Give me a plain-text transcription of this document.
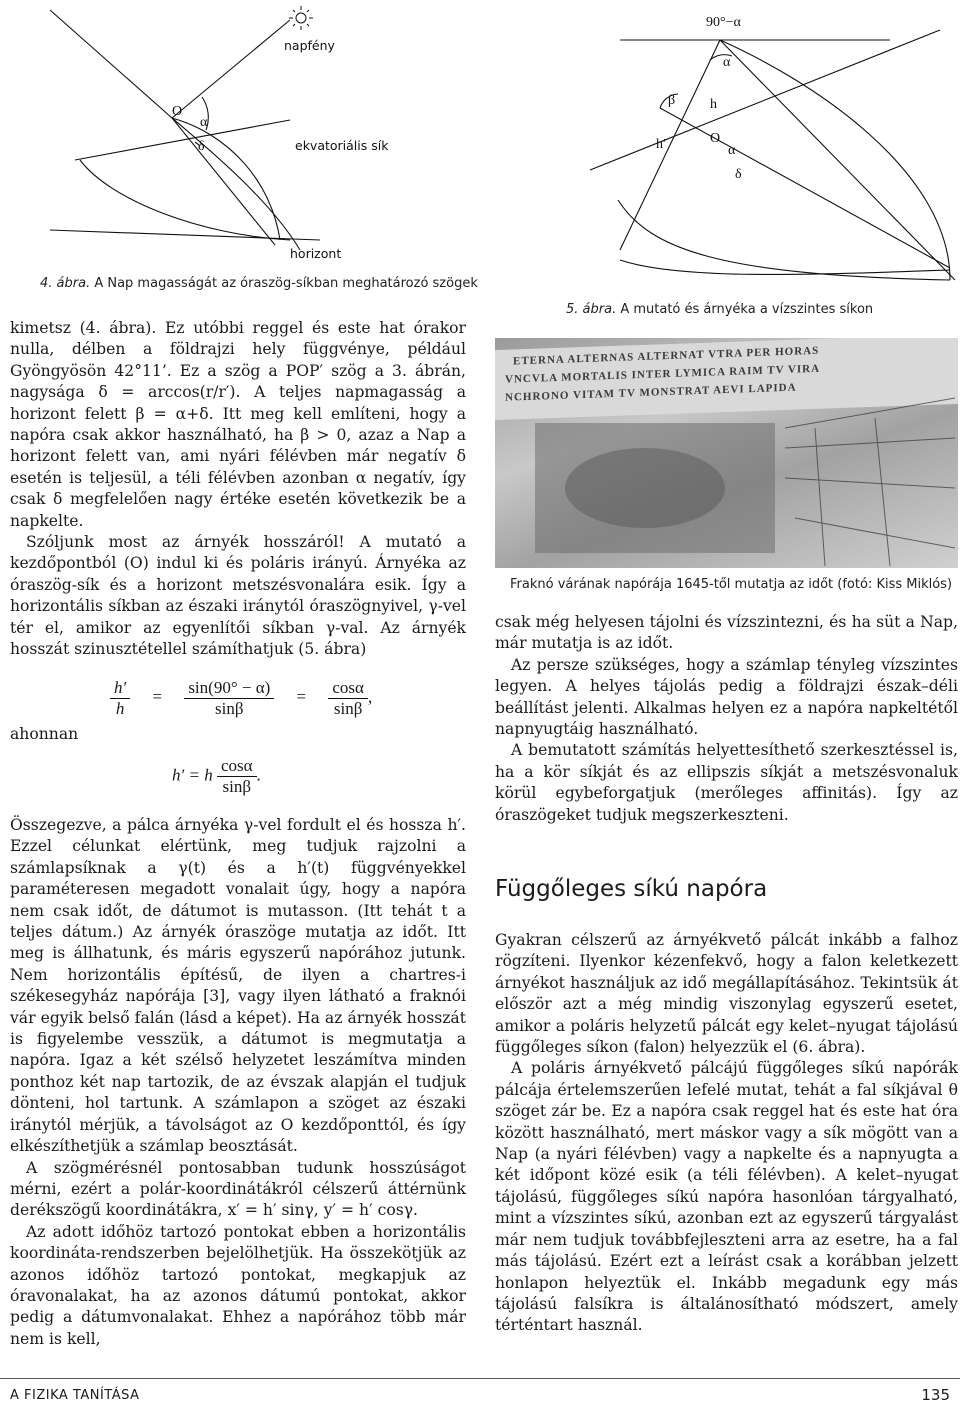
napfény
ekvatoriális sík
horizont
O
α
δ
4. ábra. A Nap magasságát az óraszög-síkban meghatározó szögek
90°−α
α
β h
h′	O
α
δ
5. ábra. A mutató és árnyéka a vízszintes síkon
ETERNA ALTERNAS ALTERNAT VTRA PER HORAS
VNCVLA MORTALIS INTER LYMICA RAIM TV VIRA
NCHRONO VITAM TV MONSTRAT AEVI LAPIDA
Fraknó várának napórája 1645-től mutatja az időt (fotó: Kiss Miklós)

kimetsz (4. ábra). Ez utóbbi reggel és este hat órakor nulla, délben a földrajzi hely függvénye, például Gyöngyösön 42°11’. Ez a szög a POP′ szög a 3. ábrán, nagysága δ = arccos(r/r′). A teljes napmagasság a horizont felett β = α+δ. Itt meg kell említeni, hogy a napóra csak akkor használható, ha β > 0, azaz a Nap a horizont felett van, ami nyári félévben már negatív δ esetén is teljesül, a téli félévben azonban α negatív, így csak δ megfelelően nagy értéke esetén következik be a napkelte.

Szóljunk most az árnyék hosszáról! A mutató a kezdőpontból (O) indul ki és poláris irányú. Árnyéka az óraszög-sík és a horizont metszésvonalára esik. Így a horizontális síkban az északi iránytól óraszögnyivel, γ-vel tér el, amikor az egyenlítői síkban γ-val. Az árnyék hosszát szinusztétellel számíthatjuk (5. ábra)

$\frac{h'}{h} = \frac{\sin(90^\circ - \alpha)}{\sin\beta} = \frac{\cos\alpha}{\sin\beta}$ ,
ahonnan
h′ = h $\frac{\cos\alpha}{\sin\beta}$ .

Összegezve, a pálca árnyéka γ-vel fordult el és hossza h′. Ezzel célunkat elértünk, meg tudjuk rajzolni a számlapsíknak a γ(t) és a h′(t) függvényekkel paraméteresen megadott vonalait úgy, hogy a napóra nem csak időt, de dátumot is mutasson. (Itt tehát t a teljes dátum.) Az árnyék óraszöge mutatja az időt. Itt meg is állhatunk, és máris egyszerű napórához jutunk. Nem horizontális építésű, de ilyen a chartres-i székesegyház napórája [3], vagy ilyen látható a fraknói vár egyik belső falán (lásd a képet). Ha az árnyék hosszát is figyelembe vesszük, a dátumot is megmutatja a napóra. Igaz a két szélső helyzetet leszámítva minden ponthoz két nap tartozik, de az évszak alapján el tudjuk dönteni, hol tartunk. A számlapon a szöget az északi iránytól mérjük, a távolságot az O kezdőponttól, és így elkészíthetjük a számlap beosztását.

A szögmérésnél pontosabban tudunk hosszúságot mérni, ezért a polár-koordinátákról célszerű áttérnünk derékszögű koordinátákra, x′ = h′ sinγ, y′ = h′ cosγ.

Az adott időhöz tartozó pontokat ebben a horizontális koordináta-rendszerben bejelölhetjük. Ha összekötjük az azonos időhöz tartozó pontokat, megkapjuk az óravonalakat, ha az azonos dátumú pontokat, akkor pedig a dátumvonalakat. Ehhez a napórához több már nem is kell,

csak még helyesen tájolni és vízszintezni, és ha süt a Nap, már mutatja is az időt.

Az persze szükséges, hogy a számlap tényleg vízszintes legyen. A helyes tájolás pedig a földrajzi észak–déli beállítást jelenti. Alkalmas helyen ez a napóra napkeltétől napnyugtáig használható.

A bemutatott számítás helyettesíthető szerkesztéssel is, ha a kör síkját és az ellipszis síkját a metszésvonaluk körül egybeforgatjuk (merőleges affinitás). Így az óraszögeket tudjuk megszerkeszteni.

Függőleges síkú napóra

Gyakran célszerű az árnyékvető pálcát inkább a falhoz rögzíteni. Ilyenkor kézenfekvő, hogy a falon keletkezett árnyékot használjuk az idő megállapításához. Tekintsük át először azt a még mindig viszonylag egyszerű esetet, amikor a poláris helyzetű pálcát egy kelet–nyugat tájolású függőleges síkon (falon) helyezzük el (6. ábra).

A poláris árnyékvető pálcájú függőleges síkú napórák pálcája értelemszerűen lefelé mutat, tehát a fal síkjával θ szöget zár be. Ez a napóra csak reggel hat és este hat óra között használható, mert máskor vagy a sík mögött van a Nap (a nyári félévben) vagy a napkelte és a napnyugta a két időpont közé esik (a téli félévben). A kelet–nyugat tájolású, függőleges síkú napóra hasonlóan tárgyalható, mint a vízszintes síkú, azonban ezt az egyszerű tárgyalást már nem tudjuk továbbfejleszteni arra az esetre, ha a fal más tájolású. Ezért ezt a leírást csak a korábban jelzett honlapon helyeztük el. Inkább megadunk egy más tájolású falsíkra is általánosítható módszert, amely térténtart használ.

A FIZIKA TANÍTÁSA	135
